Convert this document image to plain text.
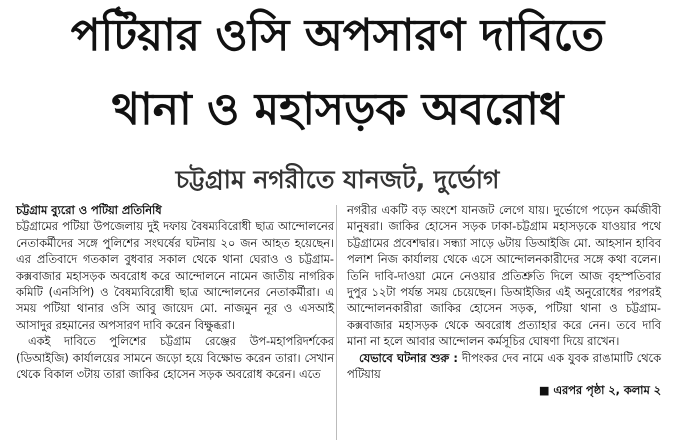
পটিয়ার ওসি অপসারণ দাবিতে
থানা ও মহাসড়ক অবরোধ
চট্টগ্রাম নগরীতে যানজট, দুর্ভোগ

চট্টগ্রাম ব্যুরো ও পটিয়া প্রতিনিধি

চট্টগ্রামের পটিয়া উপজেলায় দুই দফায় বৈষম্যবিরোধী ছাত্র আন্দোলনের নেতাকর্মীদের সঙ্গে পুলিশের সংঘর্ষের ঘটনায় ২০ জন আহত হয়েছেন। এর প্রতিবাদে গতকাল বুধবার সকাল থেকে থানা ঘেরাও ও চট্টগ্রাম-কক্সবাজার মহাসড়ক অবরোধ করে আন্দোলনে নামেন জাতীয় নাগরিক কমিটি (এনসিপি) ও বৈষম্যবিরোধী ছাত্র আন্দোলনের নেতাকর্মীরা। এ সময় পটিয়া থানার ওসি আবু জায়েদ মো. নাজমুন নূর ও এসআই আসাদুর রহমানের অপসারণ দাবি করেন বিক্ষুব্ধরা।

একই দাবিতে পুলিশের চট্টগ্রাম রেঞ্জের উপ-মহাপরিদর্শকের (ডিআইজি) কার্যালয়ের সামনে জড়ো হয়ে বিক্ষোভ করেন তারা। সেখান থেকে বিকাল ৩টায় তারা জাকির হোসেন সড়ক অবরোধ করেন। এতে

নগরীর একটি বড় অংশে যানজট লেগে যায়। দুর্ভোগে পড়েন কর্মজীবী মানুষরা। জাকির হোসেন সড়ক ঢাকা-চট্টগ্রাম মহাসড়কে যাওয়ার পথে চট্টগ্রামের প্রবেশদ্বার। সন্ধ্যা সাড়ে ৬টায় ডিআইজি মো. আহসান হাবিব পলাশ নিজ কার্যালয় থেকে এসে আন্দোলনকারীদের সঙ্গে কথা বলেন। তিনি দাবি-দাওয়া মেনে নেওয়ার প্রতিশ্রুতি দিলে আজ বৃহস্পতিবার দুপুর ১২টা পর্যন্ত সময় চেয়েছেন। ডিআইজির এই অনুরোধের পরপরই আন্দোলনকারীরা জাকির হোসেন সড়ক, পটিয়া থানা ও চট্টগ্রাম-কক্সবাজার মহাসড়ক থেকে অবরোধ প্রত্যাহার করে নেন। তবে দাবি মানা না হলে আবার আন্দোলন কর্মসূচির ঘোষণা দিয়ে রাখেন।

যেভাবে ঘটনার শুরু : দীপংকর দেব নামে এক যুবক রাঙামাটি থেকে পটিয়ায়

■ এরপর পৃষ্ঠা ২, কলাম ২
